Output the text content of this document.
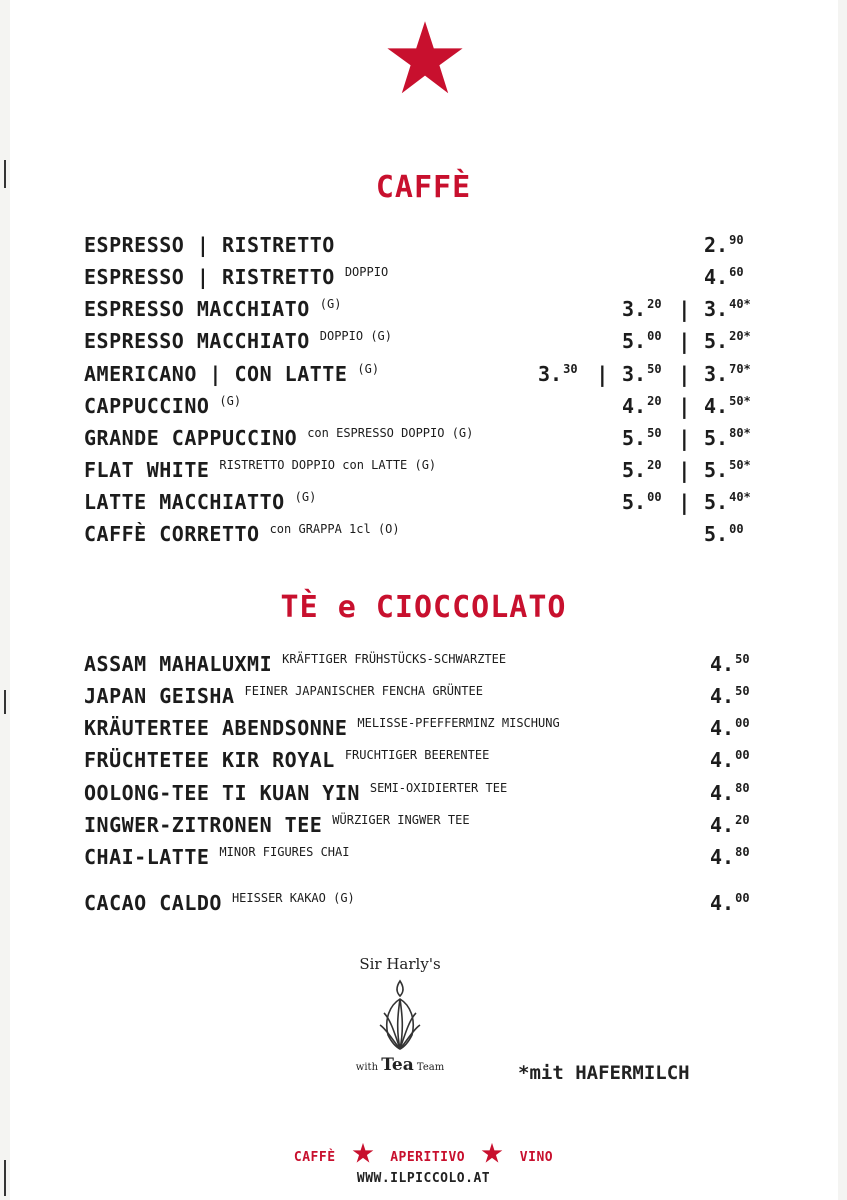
CAFFÈ
ESPRESSO | RISTRETTO	2.90
ESPRESSO | RISTRETTO $^{DOPPIO}$	4.60
ESPRESSO MACCHIATO $^{(G)}$	3.20 | 3.$^{40*}$
ESPRESSO MACCHIATO $^{DOPPIO (G)}$	5.00 | 5.$^{20*}$
AMERICANO | CON LATTE $^{(G)}$	3.30 | 3.50 | 3.$^{70*}$
CAPPUCCINO $^{(G)}$	4.20 | 4.$^{50*}$
GRANDE CAPPUCCINO $^{con ESPRESSO DOPPIO (G)}$	5.50 | 5.$^{80*}$
FLAT WHITE $^{RISTRETTO DOPPIO con LATTE (G)}$	5.20 | 5.$^{50*}$
LATTE MACCHIATTO $^{(G)}$	5.00 | 5.$^{40*}$
CAFFÈ CORRETTO $^{con GRAPPA 1cl (O)}$	5.00
TÈ e CIOCCOLATO
ASSAM MAHALUXMI $^{KRÄFTIGER FRÜHSTÜCKS-SCHWARZTEE}$	4.50
JAPAN GEISHA $^{FEINER JAPANISCHER FENCHA GRÜNTEE}$	4.50
KRÄUTERTEE ABENDSONNE $^{MELISSE-PFEFFERMINZ MISCHUNG}$	4.00
FRÜCHTETEE KIR ROYAL $^{FRUCHTIGER BEERENTEE}$	4.00
OOLONG-TEE TI KUAN YIN $^{SEMI-OXIDIERTER TEE}$	4.80
INGWER-ZITRONEN TEE $^{WÜRZIGER INGWER TEE}$	4.20
CHAI-LATTE $^{MINOR FIGURES CHAI}$	4.80
CACAO CALDO $^{HEISSER KAKAO (G)}$	4.00
Sir Harly's
with Tea Team	*mit HAFERMILCH
CAFFÈ	APERITIVO	VINO
WWW.ILPICCOLO.AT
